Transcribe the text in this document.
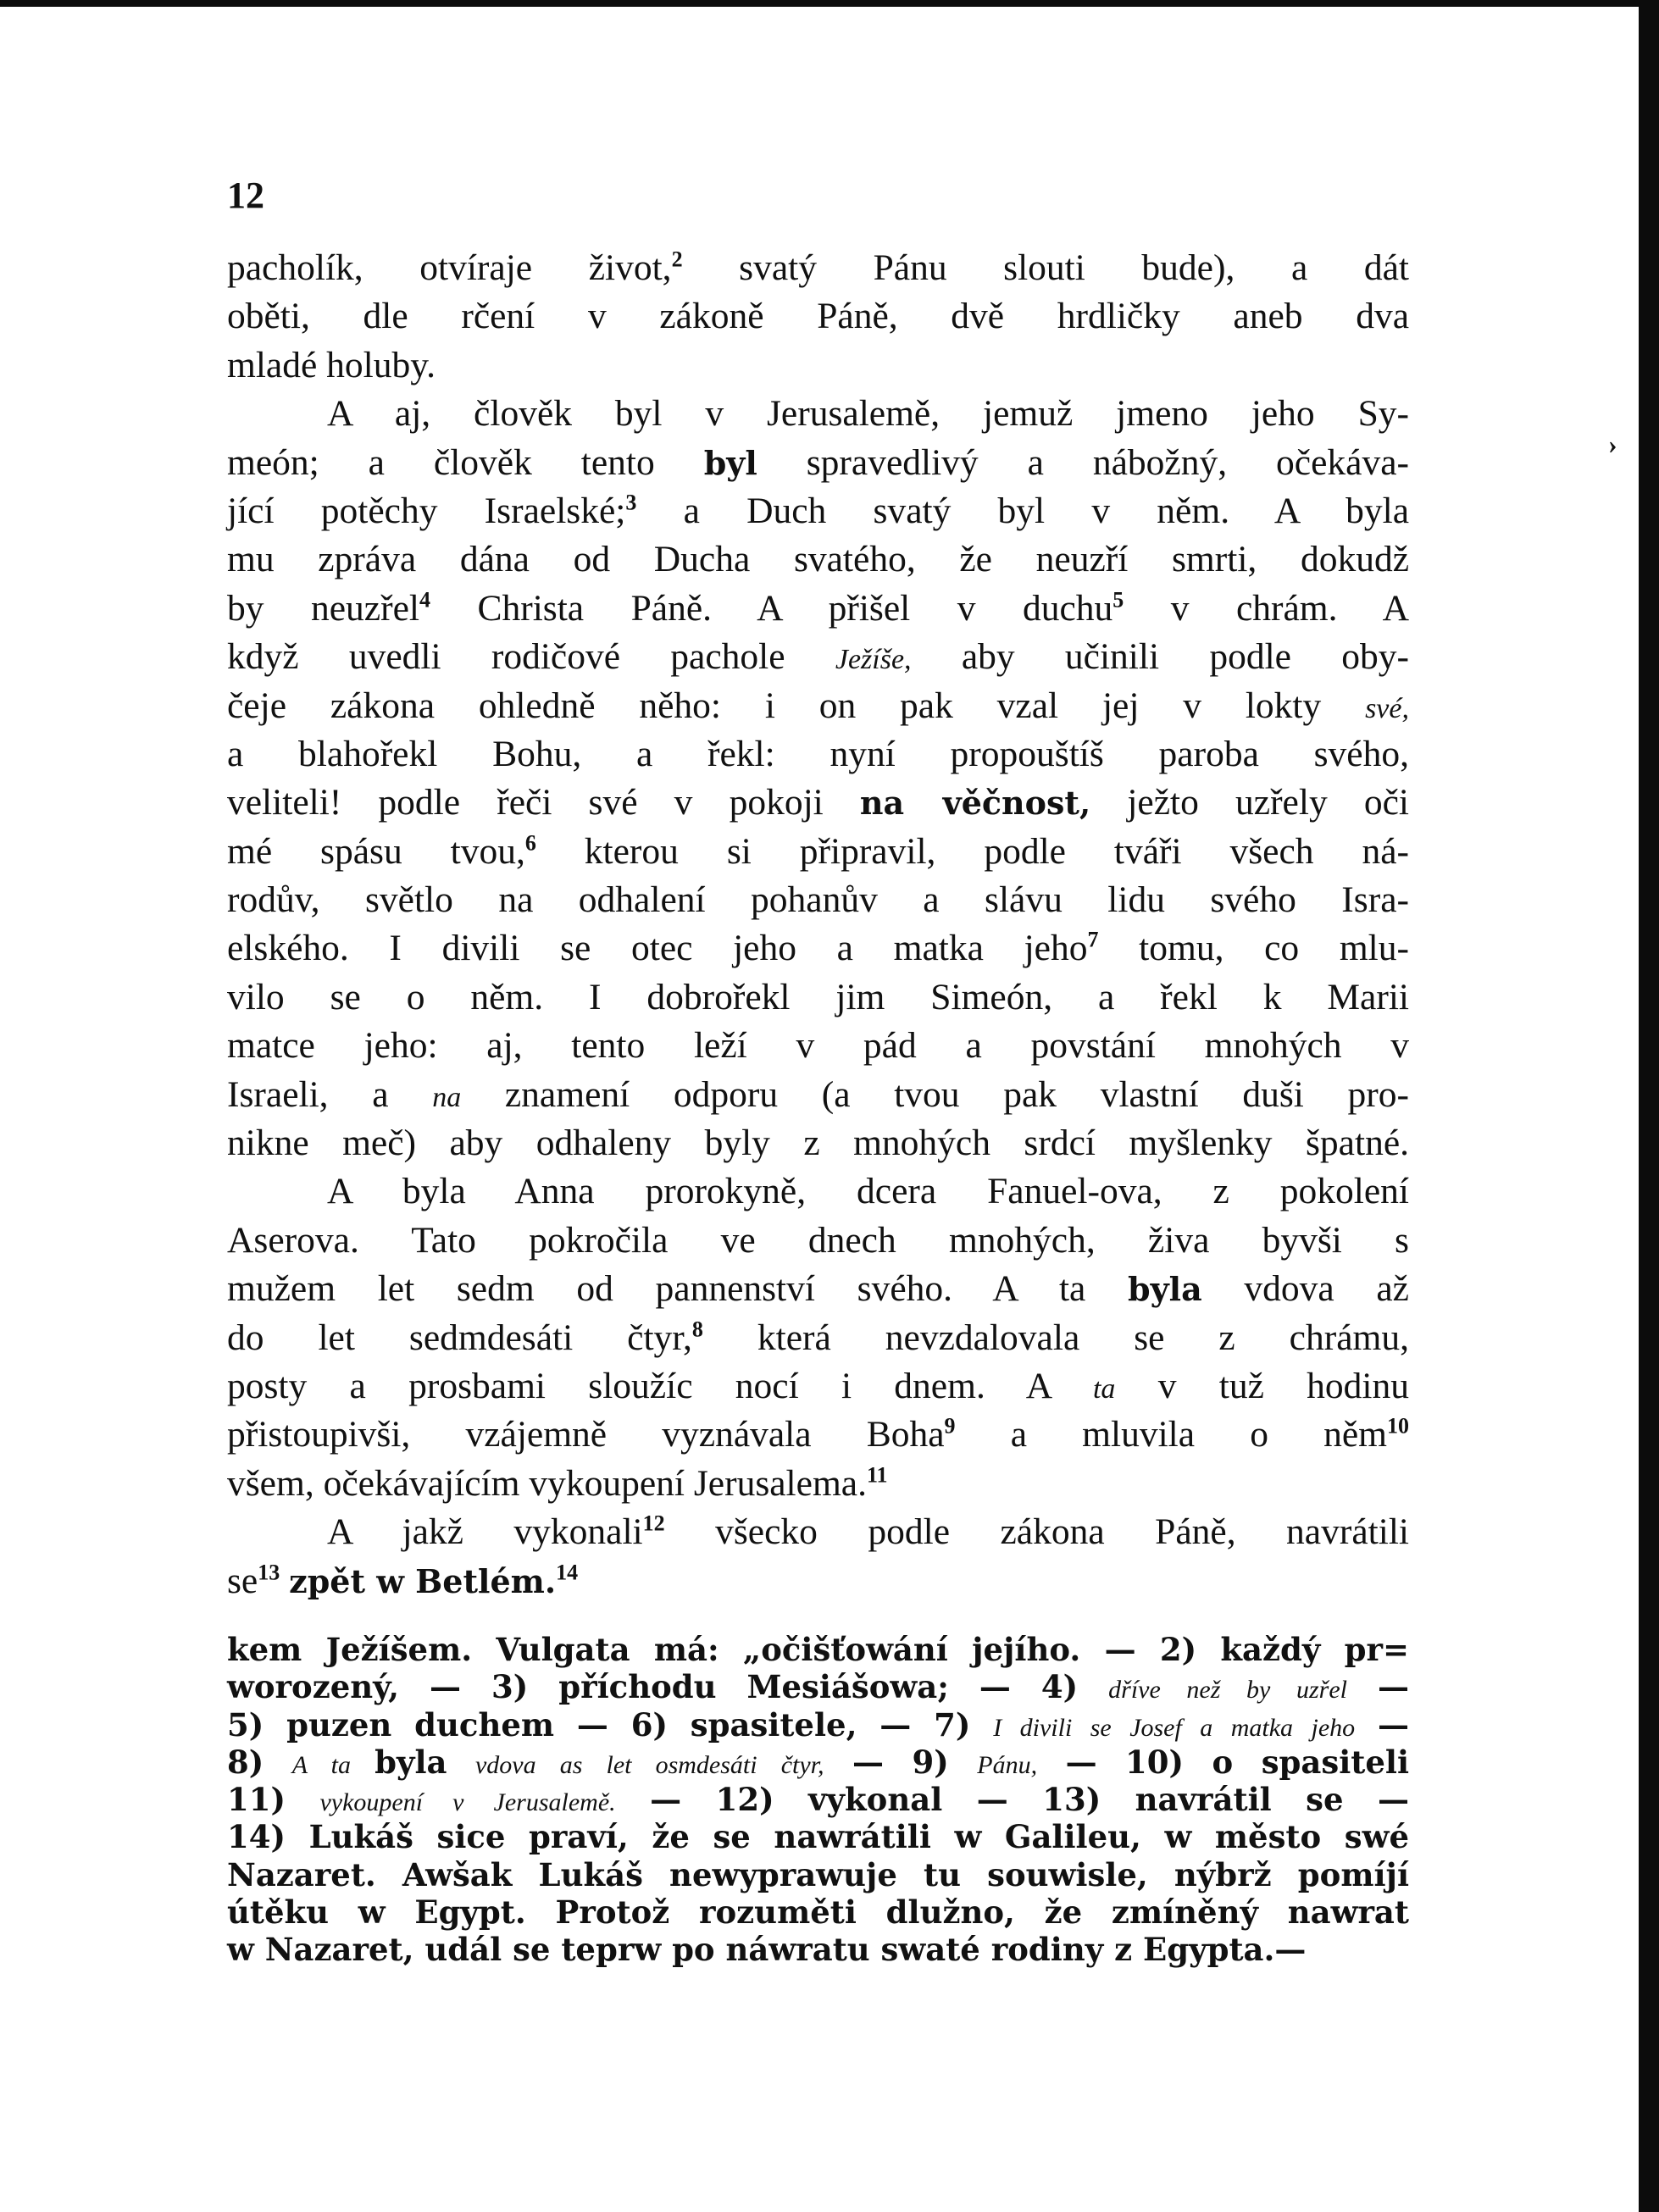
›
12
pacholík, otvíraje život,$^2$ svatý Pánu slouti bude), a dát
oběti, dle rčení v zákoně Páně, dvě hrdličky aneb dva
mladé holuby.
A aj, člověk byl v Jerusalemě, jemuž jmeno jeho Sy-
meón; a člověk tento byl spravedlivý a nábožný, očekáva-
jící potěchy Israelské;$^3$ a Duch svatý byl v něm. A byla
mu zpráva dána od Ducha svatého, že neuzří smrti, dokudž
by neuzřel$^4$ Christa Páně. A přišel v duchu$^5$ v chrám. A
když uvedli rodičové pachole Ježíše, aby učinili podle oby-
čeje zákona ohledně něho: i on pak vzal jej v lokty své,
a blahořekl Bohu, a řekl: nyní propouštíš paroba svého,
veliteli! podle řeči své v pokoji na věčnost, ježto uzřely oči
mé spásu tvou,$^6$ kterou si připravil, podle tváři všech ná-
rodův, světlo na odhalení pohanův a slávu lidu svého Isra-
elského. I divili se otec jeho a matka jeho$^7$ tomu, co mlu-
vilo se o něm. I dobrořekl jim Simeón, a řekl k Marii
matce jeho: aj, tento leží v pád a povstání mnohých v
Israeli, a na znamení odporu (a tvou pak vlastní duši pro-
nikne meč) aby odhaleny byly z mnohých srdcí myšlenky špatné.
A byla Anna prorokyně, dcera Fanuel-ova, z pokolení
Aserova. Tato pokročila ve dnech mnohých, živa byvši s
mužem let sedm od pannenství svého. A ta byla vdova až
do let sedmdesáti čtyr,$^8$ která nevzdalovala se z chrámu,
posty a prosbami sloužíc nocí i dnem. A ta v tuž hodinu
přistoupivši, vzájemně vyznávala Boha$^9$ a mluvila o něm$^{10}$
všem, očekávajícím vykoupení Jerusalema.$^{11}$
A jakž vykonali$^{12}$ všecko podle zákona Páně, navrátili
$se^{13}$ zpět w Betlém.$^{14}$
kem Ježíšem. Vulgata má: „očišťowání jejího. — 2) každý pr=
worozený, — 3) příchodu Mesiášowa; — 4) dříve než by uzřel —
5) puzen duchem — 6) spasitele, — 7) I divili se Josef a matka jeho —
8) A ta byla vdova as let osmdesáti čtyr, — 9) Pánu, — 10) o spasiteli
11) vykoupení v Jerusalemě. — 12) vykonal — 13) navrátil se —
14) Lukáš sice praví, že se nawrátili w Galileu, w město swé
Nazaret. Awšak Lukáš newyprawuje tu souwisle, nýbrž pomíjí
útěku w Egypt. Protož rozuměti dlužno, že zmíněný nawrat
w Nazaret, udál se teprw po náwratu swaté rodiny z Egypta.—
